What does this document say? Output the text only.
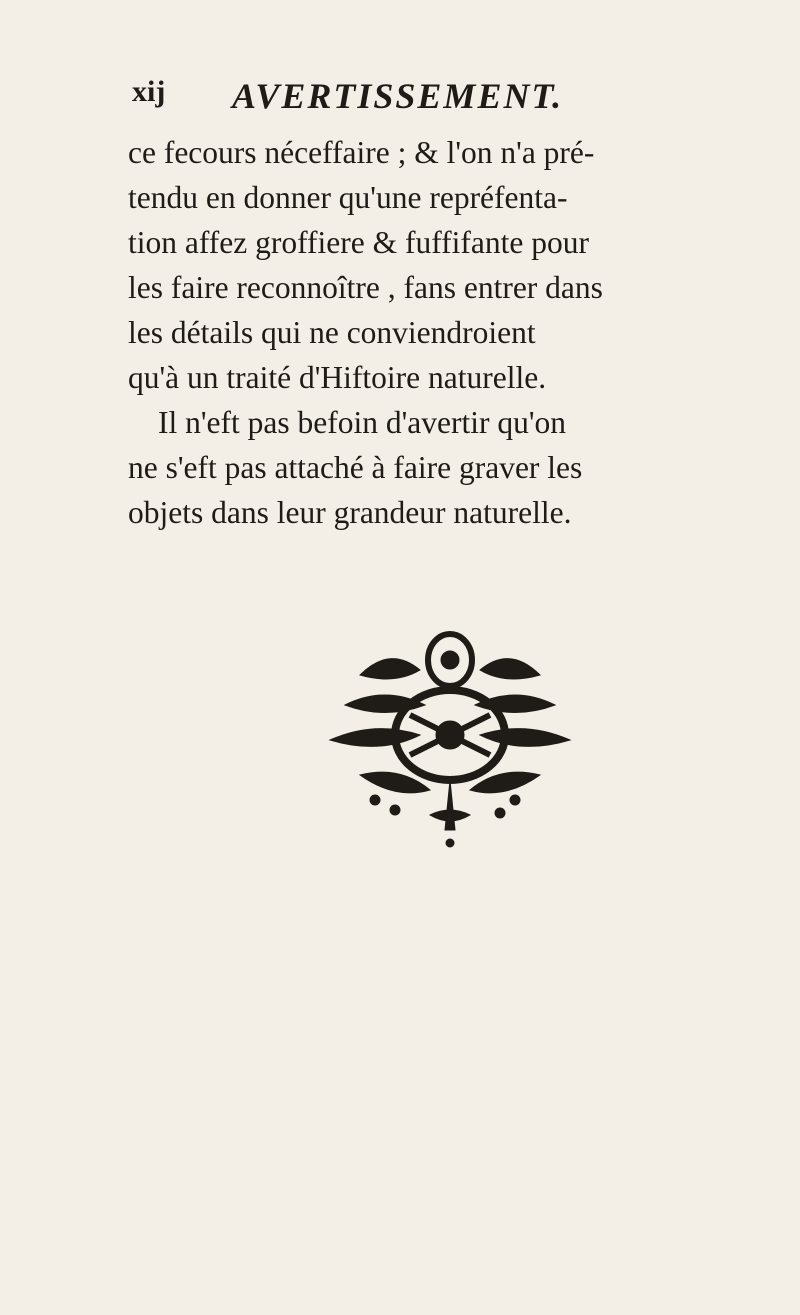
xij AVERTISSEMENT.
ce fecours néceffaire ; & l'on n'a pré-
tendu en donner qu'une repréfenta-
tion affez groffiere & fuffifante pour
les faire reconnoître , fans entrer dans
les détails qui ne conviendroient
qu'à un traité d'Hiftoire naturelle.
Il n'eft pas befoin d'avertir qu'on
ne s'eft pas attaché à faire graver les
objets dans leur grandeur naturelle.
